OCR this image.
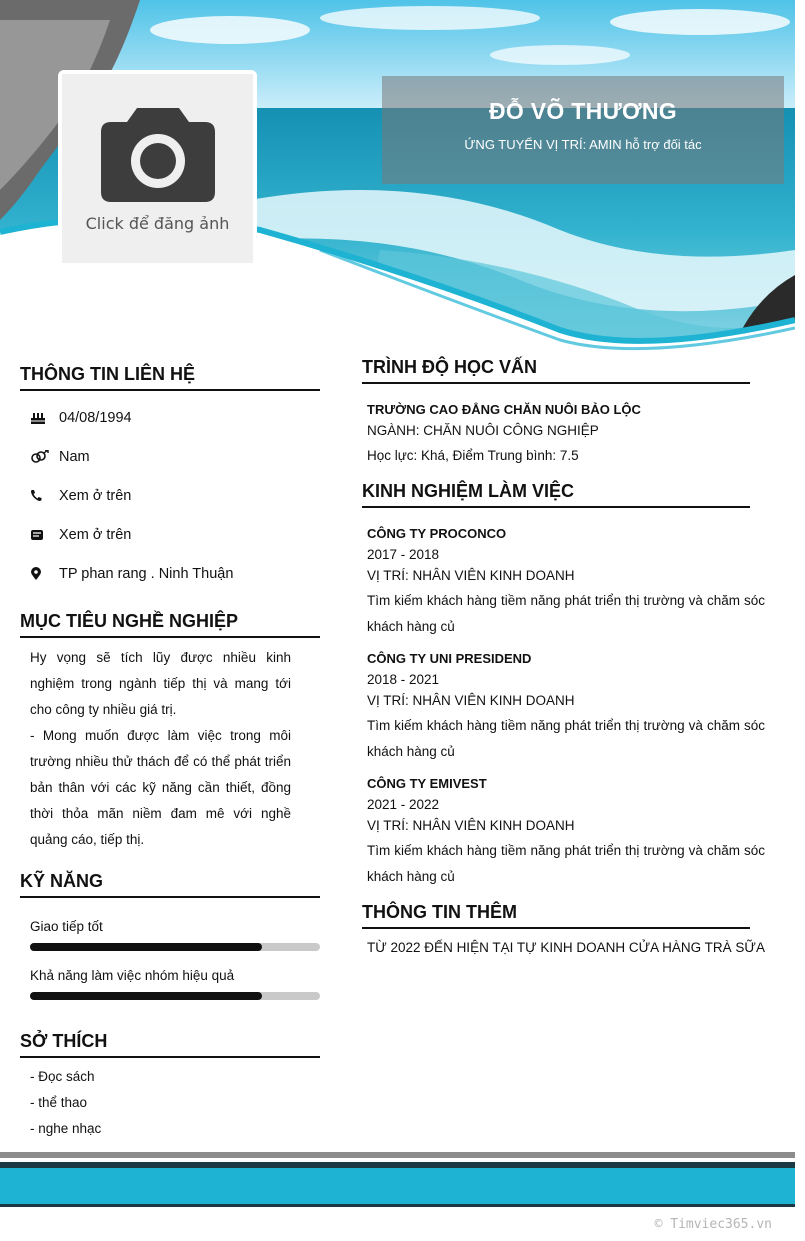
Click để đăng ảnh
ĐỖ VÕ THƯƠNG
ỨNG TUYỂN VỊ TRÍ: AMIN hỗ trợ đối tác
THÔNG TIN LIÊN HỆ
04/08/1994
Nam
Xem ở trên
Xem ở trên
TP phan rang . Ninh Thuận
MỤC TIÊU NGHỀ NGHIỆP
Hy vọng sẽ tích lũy được nhiều kinh nghiệm trong ngành tiếp thị và mang tới cho công ty nhiều giá trị.
- Mong muốn được làm việc trong môi trường nhiều thử thách để có thể phát triển bản thân với các kỹ năng cần thiết, đồng thời thỏa mãn niềm đam mê với nghề quảng cáo, tiếp thị.
KỸ NĂNG
Giao tiếp tốt
Khả năng làm việc nhóm hiệu quả
SỞ THÍCH
- Đọc sách
- thể thao
- nghe nhạc
TRÌNH ĐỘ HỌC VẤN
TRƯỜNG CAO ĐẲNG CHĂN NUÔI BẢO LỘC
NGÀNH: CHĂN NUÔI CÔNG NGHIỆP
Học lực: Khá, Điểm Trung bình: 7.5
KINH NGHIỆM LÀM VIỆC
CÔNG TY PROCONCO
2017 - 2018
VỊ TRÍ: NHÂN VIÊN KINH DOANH
Tìm kiếm khách hàng tiềm năng phát triển thị trường và chăm sóc khách hàng củ
CÔNG TY UNI PRESIDEND
2018 - 2021
VỊ TRÍ: NHÂN VIÊN KINH DOANH
Tìm kiếm khách hàng tiềm năng phát triển thị trường và chăm sóc khách hàng củ
CÔNG TY EMIVEST
2021 - 2022
VỊ TRÍ: NHÂN VIÊN KINH DOANH
Tìm kiếm khách hàng tiềm năng phát triển thị trường và chăm sóc khách hàng củ
THÔNG TIN THÊM
TỪ 2022 ĐẾN HIỆN TẠI TỰ KINH DOANH CỬA HÀNG TRÀ SỮA
© Timviec365.vn
